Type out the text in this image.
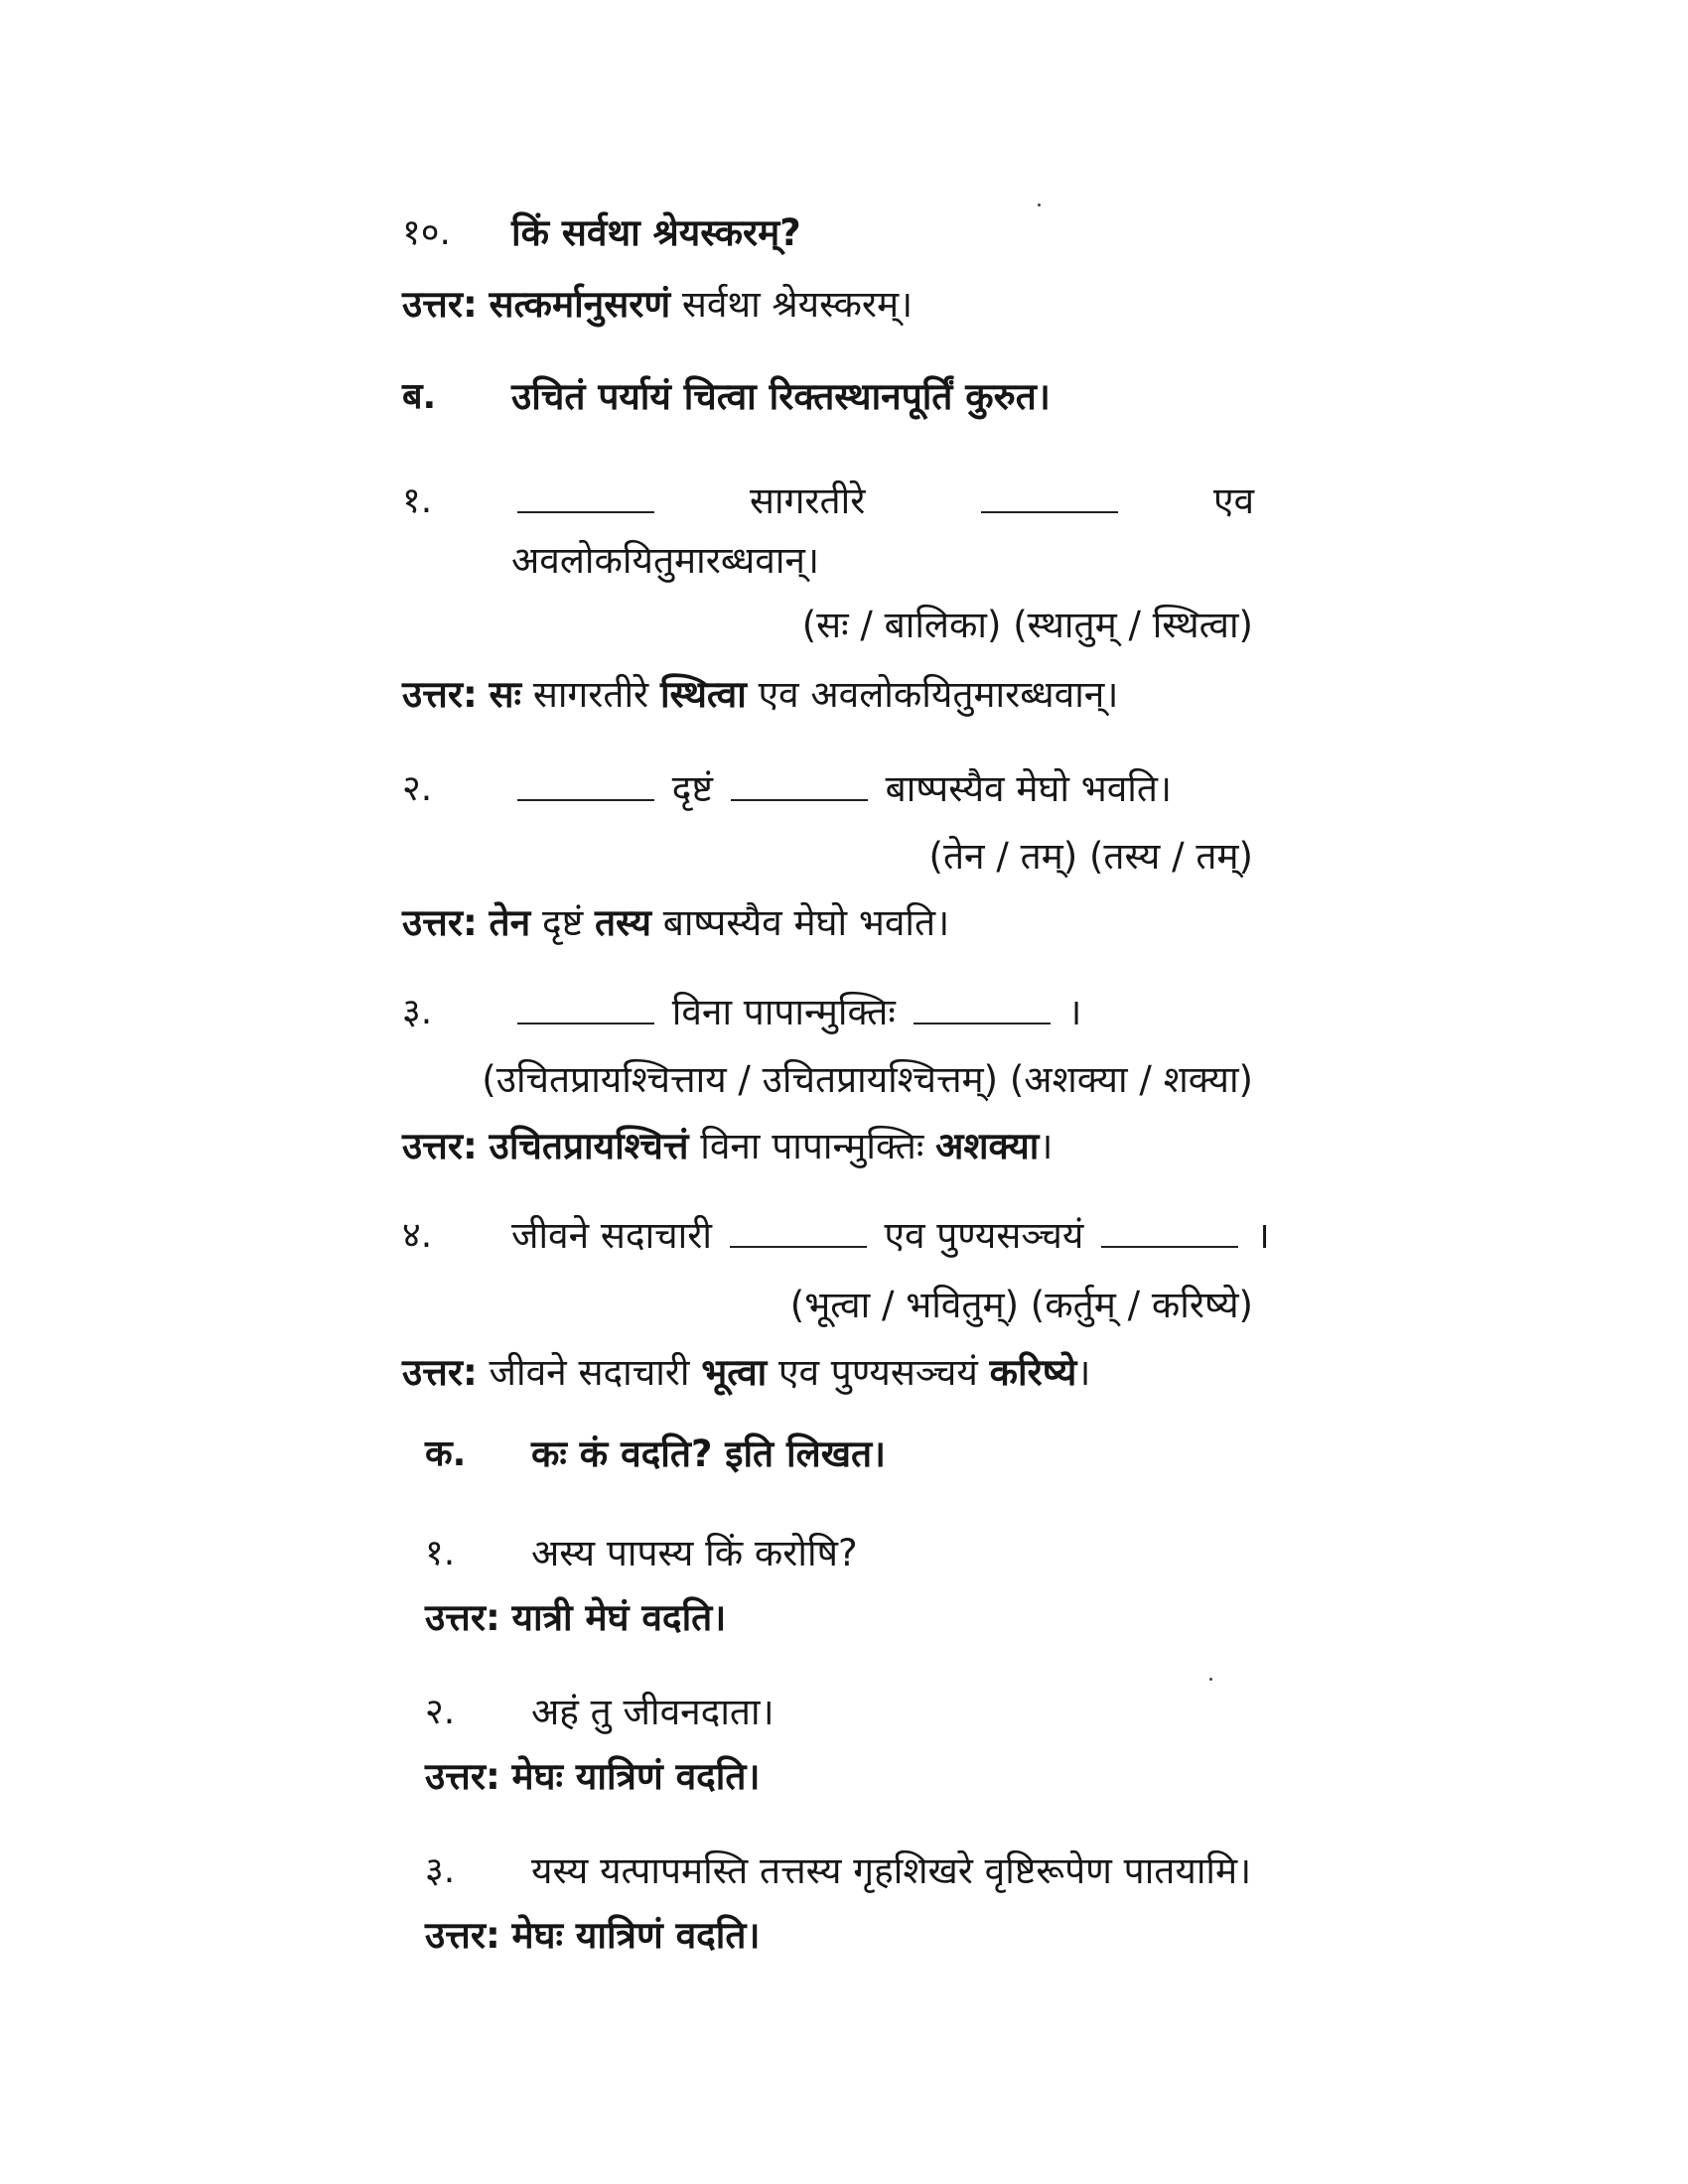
१०. किं सर्वथा श्रेयस्करम्?
उत्तर: सत्कर्मानुसरणं सर्वथा श्रेयस्करम्।
ब. उचितं पर्यायं चित्वा रिक्तस्थानपूर्तिं कुरुत।
१.	सागरतीरे	एव
अवलोकयितुमारब्धवान्।
(सः / बालिका) (स्थातुम् / स्थित्वा)
उत्तर: सः सागरतीरे स्थित्वा एव अवलोकयितुमारब्धवान्।
२.	दृष्टं	बाष्पस्यैव मेघो भवति।
(तेन / तम्) (तस्य / तम्)
उत्तर: तेन दृष्टं तस्य बाष्पस्यैव मेघो भवति।
३.	विना पापान्मुक्तिः	।
(उचितप्रायश्चित्ताय / उचितप्रायश्चित्तम्) (अशक्या / शक्या)
उत्तर: उचितप्रायश्चित्तं विना पापान्मुक्तिः अशक्या।
४. जीवने सदाचारी	एव पुण्यसञ्चयं	।
(भूत्वा / भवितुम्) (कर्तुम् / करिष्ये)
उत्तर: जीवने सदाचारी भूत्वा एव पुण्यसञ्चयं करिष्ये।
क. कः कं वदति? इति लिखत।
१. अस्य पापस्य किं करोषि?
उत्तर: यात्री मेघं वदति।
२. अहं तु जीवनदाता।
उत्तर: मेघः यात्रिणं वदति।
३. यस्य यत्पापमस्ति तत्तस्य गृहशिखरे वृष्टिरूपेण पातयामि।
उत्तर: मेघः यात्रिणं वदति।
